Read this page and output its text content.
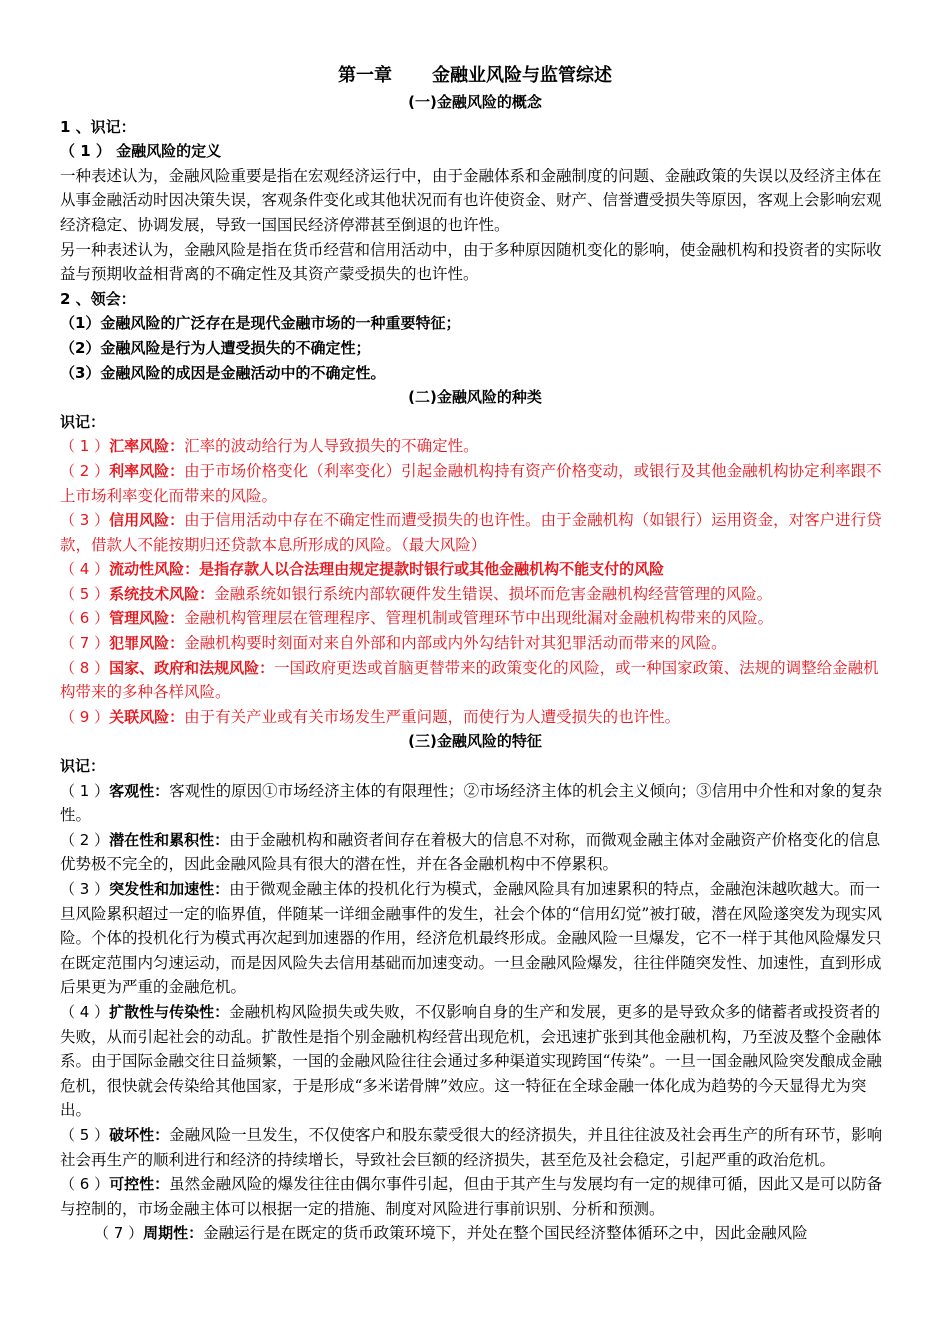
第一章 金融业风险与监管综述
(一)金融风险的概念
1 、识记：
（ 1 ） 金融风险的定义
一种表述认为，金融风险重要是指在宏观经济运行中，由于金融体系和金融制度的问题、金融政策的失误以及经济主体在从事金融活动时因决策失误，客观条件变化或其他状况而有也许使资金、财产、信誉遭受损失等原因，客观上会影响宏观经济稳定、协调发展，导致一国国民经济停滞甚至倒退的也许性。
另一种表述认为，金融风险是指在货币经营和信用活动中，由于多种原因随机变化的影响，使金融机构和投资者的实际收益与预期收益相背离的不确定性及其资产蒙受损失的也许性。
2 、领会：
（1）金融风险的广泛存在是现代金融市场的一种重要特征；
（2）金融风险是行为人遭受损失的不确定性；
（3）金融风险的成因是金融活动中的不确定性。
(二)金融风险的种类
识记：
（ 1 ）汇率风险：汇率的波动给行为人导致损失的不确定性。
（ 2 ）利率风险：由于市场价格变化（利率变化）引起金融机构持有资产价格变动，或银行及其他金融机构协定利率跟不上市场利率变化而带来的风险。
（ 3 ）信用风险：由于信用活动中存在不确定性而遭受损失的也许性。由于金融机构（如银行）运用资金，对客户进行贷款，借款人不能按期归还贷款本息所形成的风险。（最大风险）
（ 4 ）流动性风险：是指存款人以合法理由规定提款时银行或其他金融机构不能支付的风险
（ 5 ）系统技术风险：金融系统如银行系统内部软硬件发生错误、损坏而危害金融机构经营管理的风险。
（ 6 ）管理风险：金融机构管理层在管理程序、管理机制或管理环节中出现纰漏对金融机构带来的风险。
（ 7 ）犯罪风险：金融机构要时刻面对来自外部和内部或内外勾结针对其犯罪活动而带来的风险。
（ 8 ）国家、政府和法规风险：一国政府更迭或首脑更替带来的政策变化的风险，或一种国家政策、法规的调整给金融机构带来的多种各样风险。
（ 9 ）关联风险：由于有关产业或有关市场发生严重问题，而使行为人遭受损失的也许性。
(三)金融风险的特征
识记：
（ 1 ）客观性：客观性的原因①市场经济主体的有限理性；②市场经济主体的机会主义倾向；③信用中介性和对象的复杂性。
（ 2 ）潜在性和累积性：由于金融机构和融资者间存在着极大的信息不对称，而微观金融主体对金融资产价格变化的信息优势极不完全的，因此金融风险具有很大的潜在性，并在各金融机构中不停累积。
（ 3 ）突发性和加速性：由于微观金融主体的投机化行为模式，金融风险具有加速累积的特点，金融泡沫越吹越大。而一旦风险累积超过一定的临界值，伴随某一详细金融事件的发生，社会个体的“信用幻觉”被打破，潜在风险遂突发为现实风险。个体的投机化行为模式再次起到加速器的作用，经济危机最终形成。金融风险一旦爆发，它不一样于其他风险爆发只在既定范围内匀速运动，而是因风险失去信用基础而加速变动。一旦金融风险爆发，往往伴随突发性、加速性，直到形成后果更为严重的金融危机。
（ 4 ）扩散性与传染性：金融机构风险损失或失败，不仅影响自身的生产和发展，更多的是导致众多的储蓄者或投资者的失败，从而引起社会的动乱。扩散性是指个别金融机构经营出现危机，会迅速扩张到其他金融机构，乃至波及整个金融体系。由于国际金融交往日益频繁，一国的金融风险往往会通过多种渠道实现跨国“传染”。一旦一国金融风险突发酿成金融危机，很快就会传染给其他国家，于是形成“多米诺骨牌”效应。这一特征在全球金融一体化成为趋势的今天显得尤为突出。
（ 5 ）破坏性：金融风险一旦发生，不仅使客户和股东蒙受很大的经济损失，并且往往波及社会再生产的所有环节，影响社会再生产的顺利进行和经济的持续增长，导致社会巨额的经济损失，甚至危及社会稳定，引起严重的政治危机。
（ 6 ）可控性：虽然金融风险的爆发往往由偶尔事件引起，但由于其产生与发展均有一定的规律可循，因此又是可以防备与控制的，市场金融主体可以根据一定的措施、制度对风险进行事前识别、分析和预测。
（ 7 ）周期性：金融运行是在既定的货币政策环境下，并处在整个国民经济整体循环之中，因此金融风险
